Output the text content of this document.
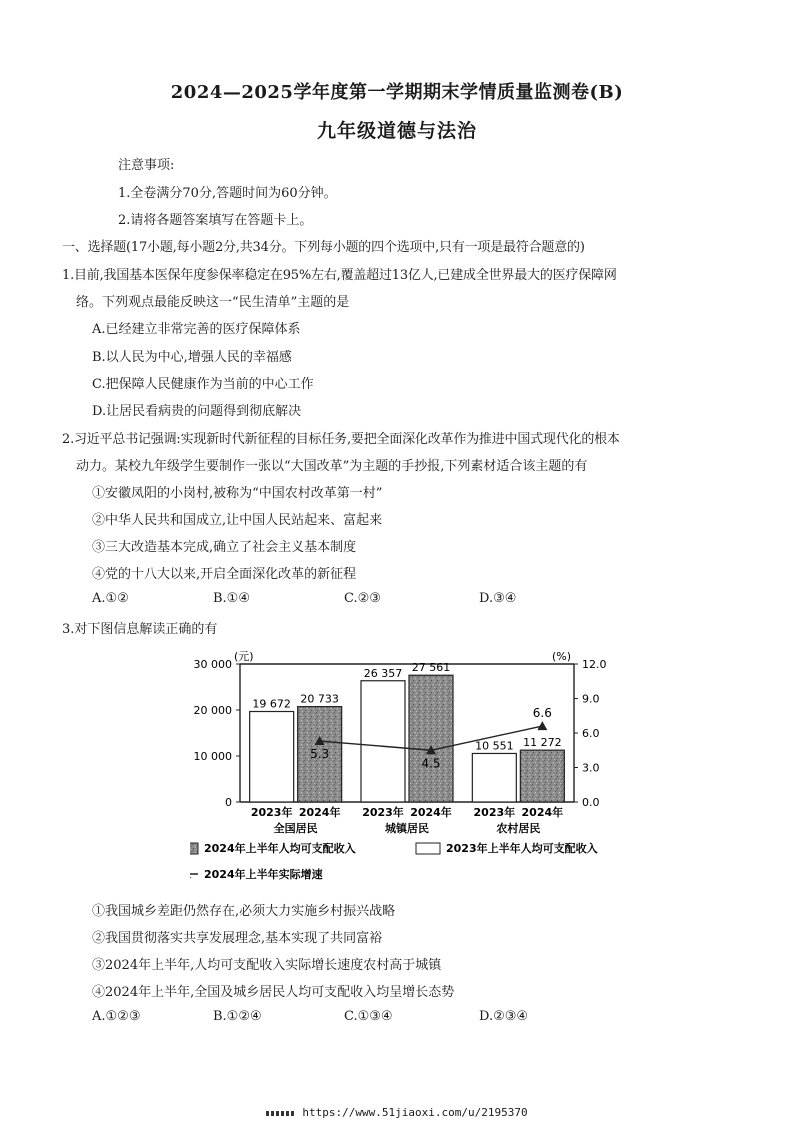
2024—2025学年度第一学期期末学情质量监测卷(B)
九年级道德与法治
注意事项:
1.全卷满分70分,答题时间为60分钟。
2.请将各题答案填写在答题卡上。
一、选择题(17小题,每小题2分,共34分。下列每小题的四个选项中,只有一项是最符合题意的)
1.目前,我国基本医保年度参保率稳定在95%左右,覆盖超过13亿人,已建成全世界最大的医疗保障网
络。下列观点最能反映这一“民生清单”主题的是
A.已经建立非常完善的医疗保障体系
B.以人民为中心,增强人民的幸福感
C.把保障人民健康作为当前的中心工作
D.让居民看病贵的问题得到彻底解决
2.习近平总书记强调:实现新时代新征程的目标任务,要把全面深化改革作为推进中国式现代化的根本
动力。某校九年级学生要制作一张以“大国改革”为主题的手抄报,下列素材适合该主题的有
①安徽凤阳的小岗村,被称为“中国农村改革第一村”
②中华人民共和国成立,让中国人民站起来、富起来
③三大改造基本完成,确立了社会主义基本制度
④党的十八大以来,开启全面深化改革的新征程
A.①②	B.①④	C.②③	D.③④
3.对下图信息解读正确的有
(元)	(%)
0
10 000
20 000
30 000
0.0
3.0
6.0
9.0
12.0
19 672
2023年
20 733
2024年
全国居民
26 357
2023年
27 561
2024年
城镇居民
10 551
2023年
11 272
2024年
农村居民
5.3
4.5
6.6
2024年上半年人均可支配收入	2023年上半年人均可支配收入
2024年上半年实际增速
①我国城乡差距仍然存在,必须大力实施乡村振兴战略
②我国贯彻落实共享发展理念,基本实现了共同富裕
③2024年上半年,人均可支配收入实际增长速度农村高于城镇
④2024年上半年,全国及城乡居民人均可支配收入均呈增长态势
A.①②③	B.①②④	C.①③④	D.②③④
https://www.51jiaoxi.com/u/2195370
